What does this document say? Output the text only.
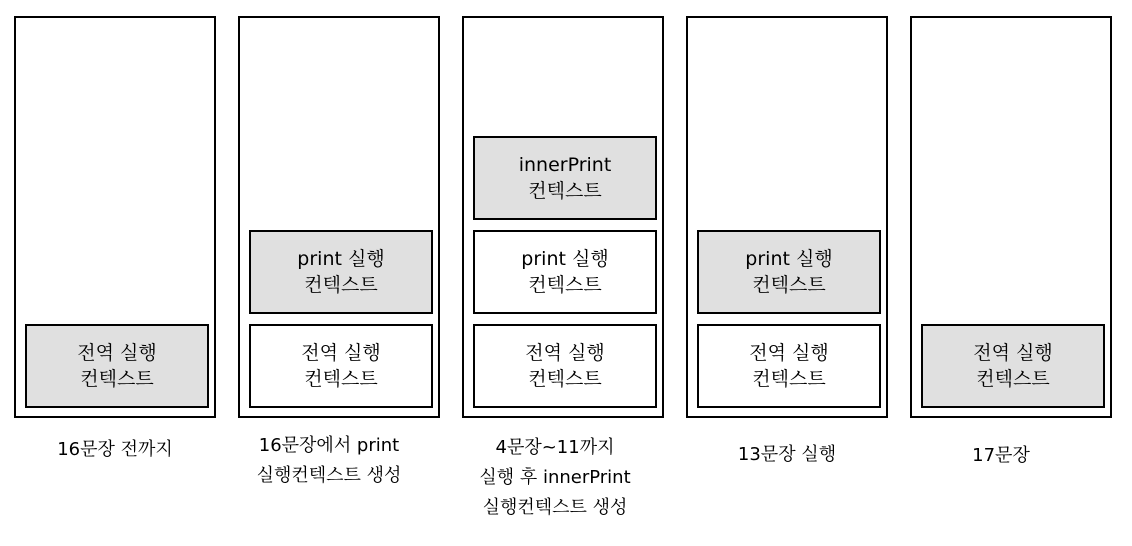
전역 실행
컨텍스트
16문장 전까지
전역 실행
컨텍스트
print 실행
컨텍스트
16문장에서 print
실행컨텍스트 생성
전역 실행
컨텍스트
print 실행
컨텍스트
innerPrint
컨텍스트
4문장~11까지
실행 후 innerPrint
실행컨텍스트 생성
전역 실행
컨텍스트
print 실행
컨텍스트
13문장 실행
전역 실행
컨텍스트
17문장
